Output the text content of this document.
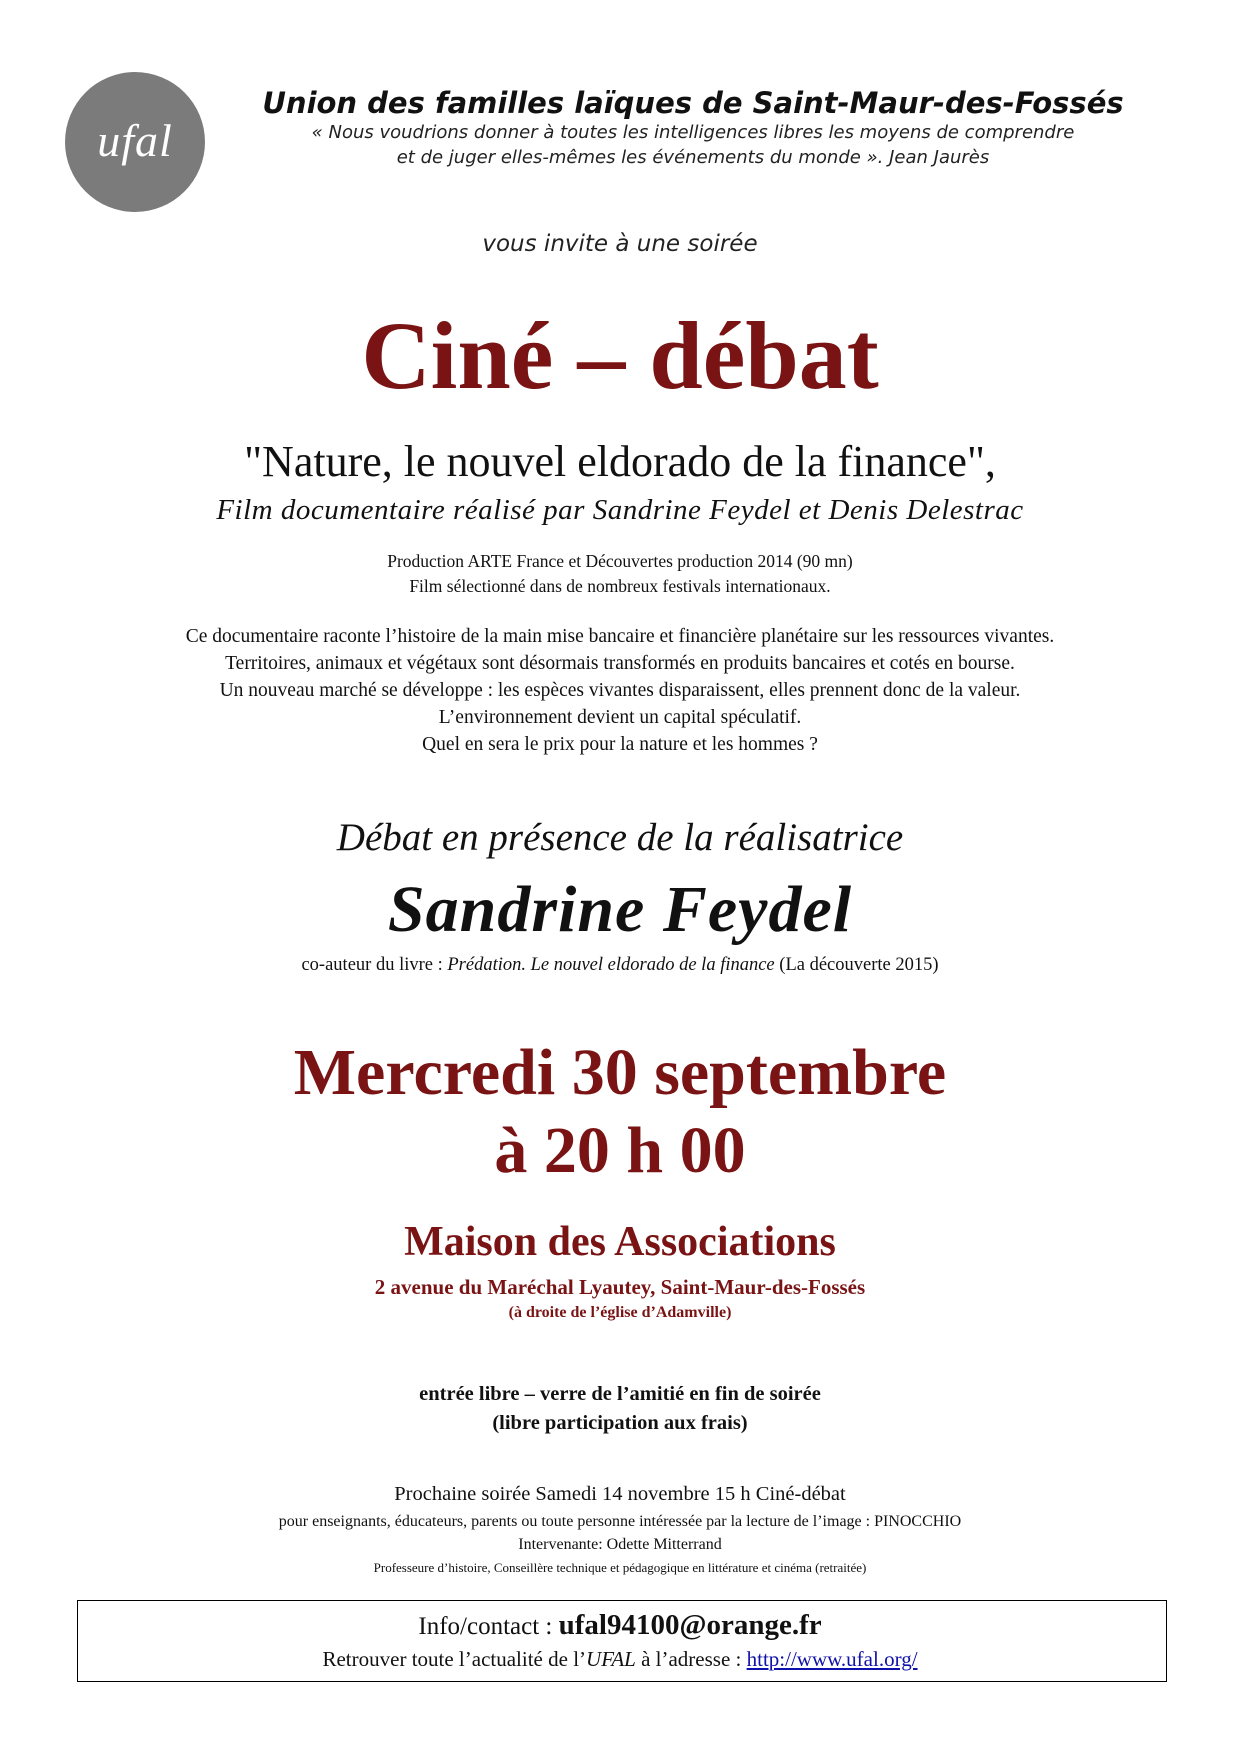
ufal
Union des familles laïques de Saint-Maur-des-Fossés
« Nous voudrions donner à toutes les intelligences libres les moyens de comprendre
et de juger elles-mêmes les événements du monde ». Jean Jaurès
vous invite à une soirée
Ciné – débat
"Nature, le nouvel eldorado de la finance",
Film documentaire réalisé par Sandrine Feydel et Denis Delestrac
Production ARTE France et Découvertes production 2014 (90 mn)
Film sélectionné dans de nombreux festivals internationaux.
Ce documentaire raconte l’histoire de la main mise bancaire et financière planétaire sur les ressources vivantes.
Territoires, animaux et végétaux sont désormais transformés en produits bancaires et cotés en bourse.
Un nouveau marché se développe : les espèces vivantes disparaissent, elles prennent donc de la valeur.
L’environnement devient un capital spéculatif.
Quel en sera le prix pour la nature et les hommes ?
Débat en présence de la réalisatrice
Sandrine Feydel
co-auteur du livre : Prédation. Le nouvel eldorado de la finance (La découverte 2015)
Mercredi 30 septembre
à 20 h 00
Maison des Associations
2 avenue du Maréchal Lyautey, Saint-Maur-des-Fossés
(à droite de l’église d’Adamville)
entrée libre – verre de l’amitié en fin de soirée
(libre participation aux frais)
Prochaine soirée Samedi 14 novembre 15 h Ciné-débat
pour enseignants, éducateurs, parents ou toute personne intéressée par la lecture de l’image : PINOCCHIO
Intervenante: Odette Mitterrand
Professeure d’histoire, Conseillère technique et pédagogique en littérature et cinéma (retraitée)
Info/contact : ufal94100@orange.fr
Retrouver toute l’actualité de l’UFAL à l’adresse : http://www.ufal.org/
